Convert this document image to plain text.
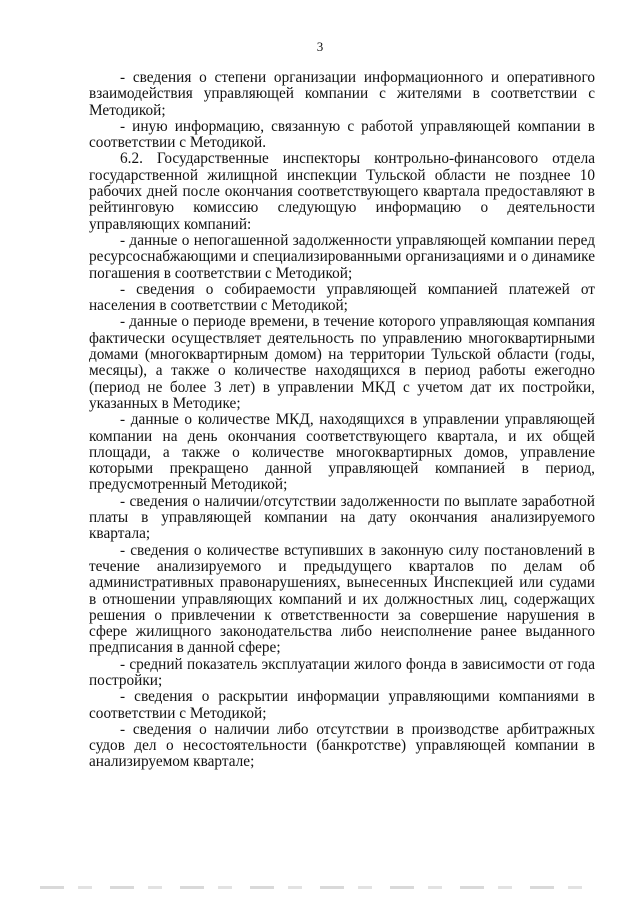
3

- сведения о степени организации информационного и оперативного взаимодействия управляющей компании с жителями в соответствии с Методикой;

- иную информацию, связанную с работой управляющей компании в соответствии с Методикой.

6.2. Государственные инспекторы контрольно-финансового отдела государственной жилищной инспекции Тульской области не позднее 10 рабочих дней после окончания соответствующего квартала предоставляют в рейтинговую комиссию следующую информацию о деятельности управляющих компаний:

- данные о непогашенной задолженности управляющей компании перед ресурсоснабжающими и специализированными организациями и о динамике погашения в соответствии с Методикой;

- сведения о собираемости управляющей компанией платежей от населения в соответствии с Методикой;

- данные о периоде времени, в течение которого управляющая компания фактически осуществляет деятельность по управлению многоквартирными домами (многоквартирным домом) на территории Тульской области (годы, месяцы), а также о количестве находящихся в период работы ежегодно (период не более 3 лет) в управлении МКД с учетом дат их постройки, указанных в Методике;

- данные о количестве МКД, находящихся в управлении управляющей компании на день окончания соответствующего квартала, и их общей площади, а также о количестве многоквартирных домов, управление которыми прекращено данной управляющей компанией в период, предусмотренный Методикой;

- сведения о наличии/отсутствии задолженности по выплате заработной платы в управляющей компании на дату окончания анализируемого квартала;

- сведения о количестве вступивших в законную силу постановлений в течение анализируемого и предыдущего кварталов по делам об административных правонарушениях, вынесенных Инспекцией или судами в отношении управляющих компаний и их должностных лиц, содержащих решения о привлечении к ответственности за совершение нарушения в сфере жилищного законодательства либо неисполнение ранее выданного предписания в данной сфере;

- средний показатель эксплуатации жилого фонда в зависимости от года постройки;

- сведения о раскрытии информации управляющими компаниями в соответствии с Методикой;

- сведения о наличии либо отсутствии в производстве арбитражных судов дел о несостоятельности (банкротстве) управляющей компании в анализируемом квартале;
